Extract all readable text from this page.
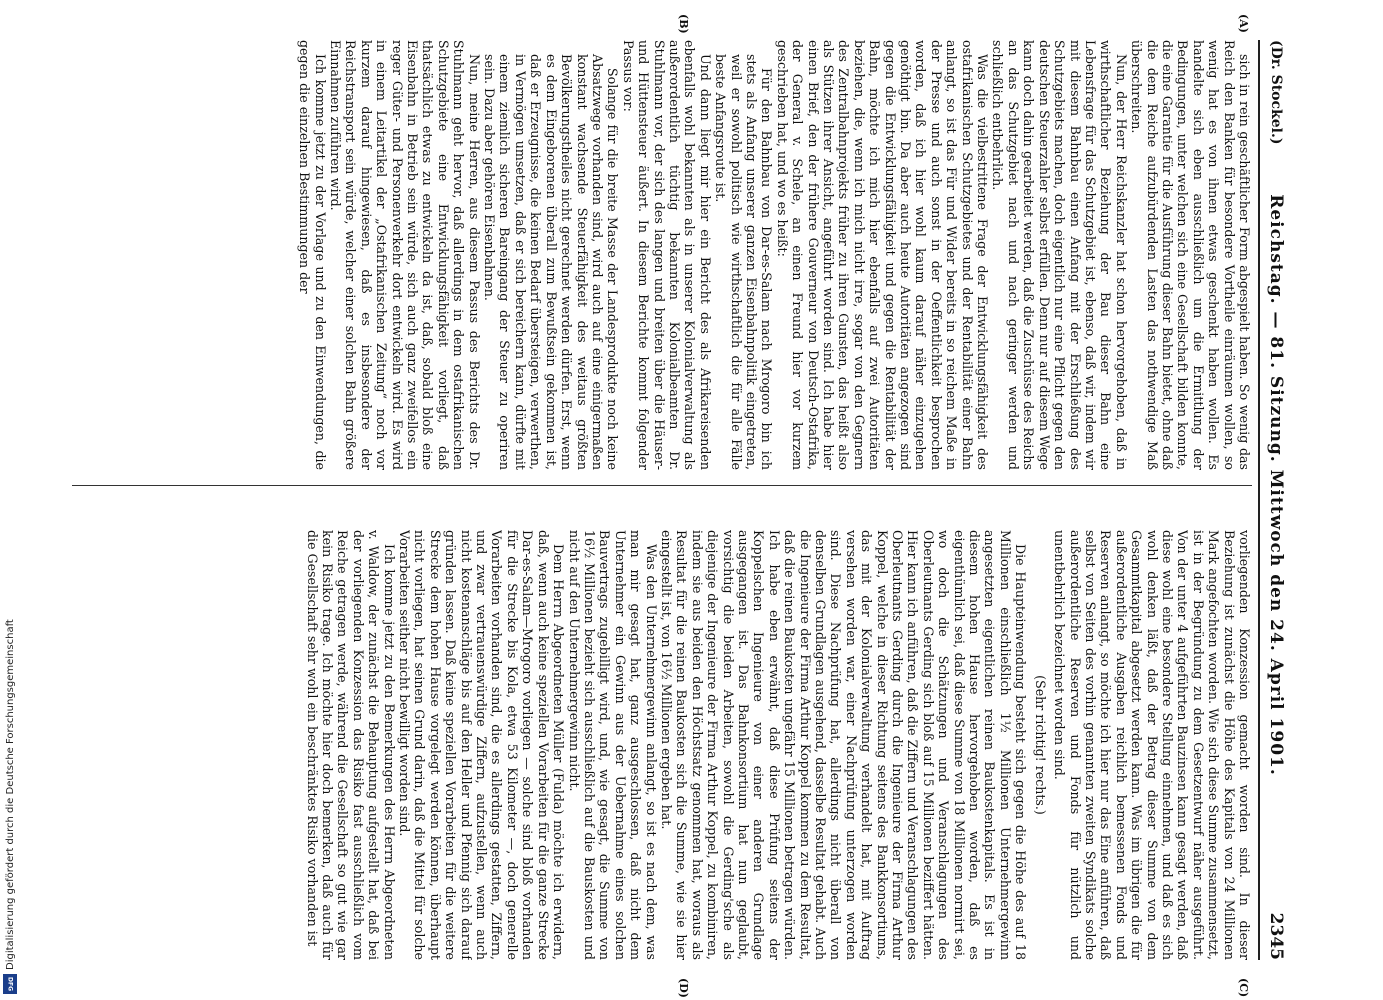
(Dr. Stockel.)
Reichstag. — 81. Sitzung. Mittwoch den 24. April 1901.
2345
(A)
(B)
(C)
(D)

sich in rein geschäftlicher Form abgespielt haben. So wenig das Reich den Banken für besondere Vortheile einräumen wollen, so wenig hat es von ihnen etwas geschenkt haben wollen. Es handelte sich eben ausschließlich um die Ermittlung der Bedingungen, unter welchen sich eine Gesellschaft bilden konnte, die eine Garantie für die Ausführung dieser Bahn bietet, ohne daß die dem Reiche aufzubürdenden Lasten das nothwendige Maß überschreiten.

Nun, der Herr Reichskanzler hat schon hervorgehoben, daß in wirthschaftlicher Beziehung der Bau dieser Bahn eine Lebensfrage für das Schutzgebiet ist, ebenso, daß wir, indem wir mit diesem Bahnbau einen Anfang mit der Erschließung des Schutzgebiets machen, doch eigentlich nur eine Pflicht gegen den deutschen Steuerzahler selbst erfüllen. Denn nur auf diesem Wege kann doch dahin gearbeitet werden, daß die Zuschüsse des Reichs an das Schutzgebiet nach und nach geringer werden und schließlich entbehrlich.

Was die vielbestrittene Frage der Entwicklungsfähigkeit des ostafrikanischen Schutzgebietes und der Rentabilität einer Bahn anlangt, so ist das Für und Wider bereits in so reichem Maße in der Presse und auch sonst in der Oeffentlichkeit besprochen worden, daß ich hier wohl kaum darauf näher einzugehen genöthigt bin. Da aber auch heute Autoritäten angezogen sind gegen die Entwicklungsfähigkeit und gegen die Rentabilität der Bahn, möchte ich mich hier ebenfalls auf zwei Autoritäten beziehen, die, wenn ich mich nicht irre, sogar von den Gegnern des Zentralbahnprojekts früher zu ihren Gunsten, das heißt also als Stützen ihrer Ansicht, angeführt worden sind. Ich habe hier einen Brief, den der frühere Gouverneur von Deutsch-Ostafrika, der General v. Schele, an einen Freund hier vor kurzem geschrieben hat, und wo es heißt:

Für den Bahnbau von Dar-es-Salam nach Mrogoro bin ich stets als Anfang unserer ganzen Eisenbahnpolitik eingetreten, weil er sowohl politisch wie wirthschaftlich die für alle Fälle beste Anfangsroute ist.

Und dann liegt mir hier ein Bericht des als Afrikareisenden ebenfalls wohl bekannten als in unserer Kolonialverwaltung als außerordentlich tüchtig bekannten Kolonialbeamten Dr. Stuhlmann vor, der sich des langen und breiten über die Häuser- und Hüttensteuer äußert. In diesem Berichte kommt folgender Passus vor:

Solange für die breite Masse der Landesprodukte noch keine Absatzwege vorhanden sind, wird auch auf eine einigermaßen konstant wachsende Steuerfähigkeit des weitaus größten Bevölkerungstheiles nicht gerechnet werden dürfen. Erst, wenn es dem Eingeborenen überall zum Bewußtsein gekommen ist, daß er Erzeugnisse, die keinen Bedarf übersteigen, verwerthen, in Vermögen umsetzen, daß er sich bereichern kann, dürfte mit einem ziemlich sicheren Bareingang der Steuer zu operiren sein. Dazu aber gehören Eisenbahnen.

Nun, meine Herren, aus diesem Passus des Berichts des Dr. Stuhlmann geht hervor, daß allerdings in dem ostafrikanischen Schutzgebiete eine Entwicklungsfähigkeit vorliegt, daß thatsächlich etwas zu entwickeln da ist, daß, sobald bloß eine Eisenbahn in Betrieb sein würde, sich auch ganz zweifellos ein reger Güter- und Personenverkehr dort entwickeln wird. Es wird in einem Leitartikel der „Ostafrikanischen Zeitung“ noch vor kurzem darauf hingewiesen, daß es insbesondere der Reichstransport sein würde, welcher einer solchen Bahn größere Einnahmen zuführen wird.

Ich komme jetzt zu der Vorlage und zu den Einwendungen, die gegen die einzelnen Bestimmungen der

vorliegenden Konzession gemacht worden sind. In dieser Beziehung ist zunächst die Höhe des Kapitals von 24 Millionen Mark angefochten worden. Wie sich diese Summe zusammensetzt, ist in der Begründung zu dem Gesetzentwurf näher ausgeführt. Von der unter 4 aufgeführten Bauzinsen kann gesagt werden, daß diese wohl eine besondere Stellung einnehmen, und daß es sich wohl denken läßt, daß der Betrag dieser Summe von dem Gesammtkapital abgesetzt werden kann. Was im übrigen die für außerordentliche Ausgaben reichlich bemessenen Fonds und Reserven anlangt, so möchte ich hier nur das Eine anführen, daß selbst von Seiten des vorhin genannten zweiten Syndikats solche außerordentliche Reserven und Fonds für nützlich und unentbehrlich bezeichnet worden sind.

(Sehr richtig! rechts.)

Die Haupteinwendung besteht sich gegen die Höhe des auf 18 Millionen einschließlich 1½ Millionen Unternehmergewinn angesetzten eigentlichen reinen Baukostenkapitals. Es ist in diesem hohen Hause hervorgehoben worden, daß es eigenthümlich sei, daß diese Summe von 18 Millionen normirt sei, wo doch die Schätzungen und Veranschlagungen des Oberleutnants Gerding sich bloß auf 15 Millionen beziffert hätten. Hier kann ich anführen, daß die Ziffern und Veranschlagungen des Oberleutnants Gerding durch die Ingenieure der Firma Arthur Koppel, welche in dieser Richtung seitens des Bankkonsortiums, das mit der Kolonialverwaltung verhandelt hat, mit Auftrag versehen worden war, einer Nachprüfung unterzogen worden sind. Diese Nachprüfung hat, allerdings nicht überall von denselben Grundlagen ausgehend, dasselbe Resultat gehabt. Auch die Ingenieure der Firma Arthur Koppel kommen zu dem Resultat, daß die reinen Baukosten ungefähr 15 Millionen betragen würden. Ich habe eben erwähnt, daß diese Prüfung seitens der Koppelschen Ingenieure von einer anderen Grundlage ausgegangen ist. Das Bahnkonsortium hat nun geglaubt, vorsichtig die beiden Arbeiten, sowohl die Gerding'sche als diejenige der Ingenieure der Firma Arthur Koppel, zu kombiniren, indem sie aus beiden den Höchstsatz genommen hat, woraus als Resultat für die reinen Baukosten sich die Summe, wie sie hier eingestellt ist, von 16½ Millionen ergeben hat.

Was den Unternehmergewinn anlangt, so ist es nach dem, was man mir gesagt hat, ganz ausgeschlossen, daß nicht dem Unternehmer ein Gewinn aus der Uebernahme eines solchen Bauvertrags zugebilligt wird, und, wie gesagt, die Summe von 16½ Millionen bezieht sich ausschließlich auf die Bauskosten und nicht auf den Unternehmergewinn nicht.

Dem Herrn Abgeordneten Müller (Fulda) möchte ich erwidern, daß, wenn auch keine speziellen Vorarbeiten für die ganze Strecke Dar-es-Salam—Mrogoro vorliegen — solche sind bloß vorhanden für die Strecke bis Kola, etwa 53 Kilometer —, doch generelle Vorarbeiten vorhanden sind, die es allerdings gestatten, Ziffern, und zwar vertrauenswürdige Ziffern, aufzustellen, wenn auch nicht kostenanschläge bis auf den Heller und Pfennig sich darauf gründen lassen. Daß keine speziellen Vorarbeiten für die weitere Strecke dem hohen Hause vorgelegt werden können, überhaupt nicht vorliegen, hat seinen Grund darin, daß die Mittel für solche Vorarbeiten seither nicht bewilligt worden sind.

Ich komme jetzt zu den Bemerkungen des Herrn Abgeordneten v. Waldow, der zunächst die Behauptung aufgestellt hat, daß bei der vorliegenden Konzession das Risiko fast ausschließlich vom Reiche getragen werde, während die Gesellschaft so gut wie gar kein Risiko trage. Ich möchte hier doch bemerken, daß auch für die Gesellschaft sehr wohl ein beschränktes Risiko vorhanden ist

Digitalisierung gefördert durch die Deutsche Forschungsgemeinschaft
DFG
